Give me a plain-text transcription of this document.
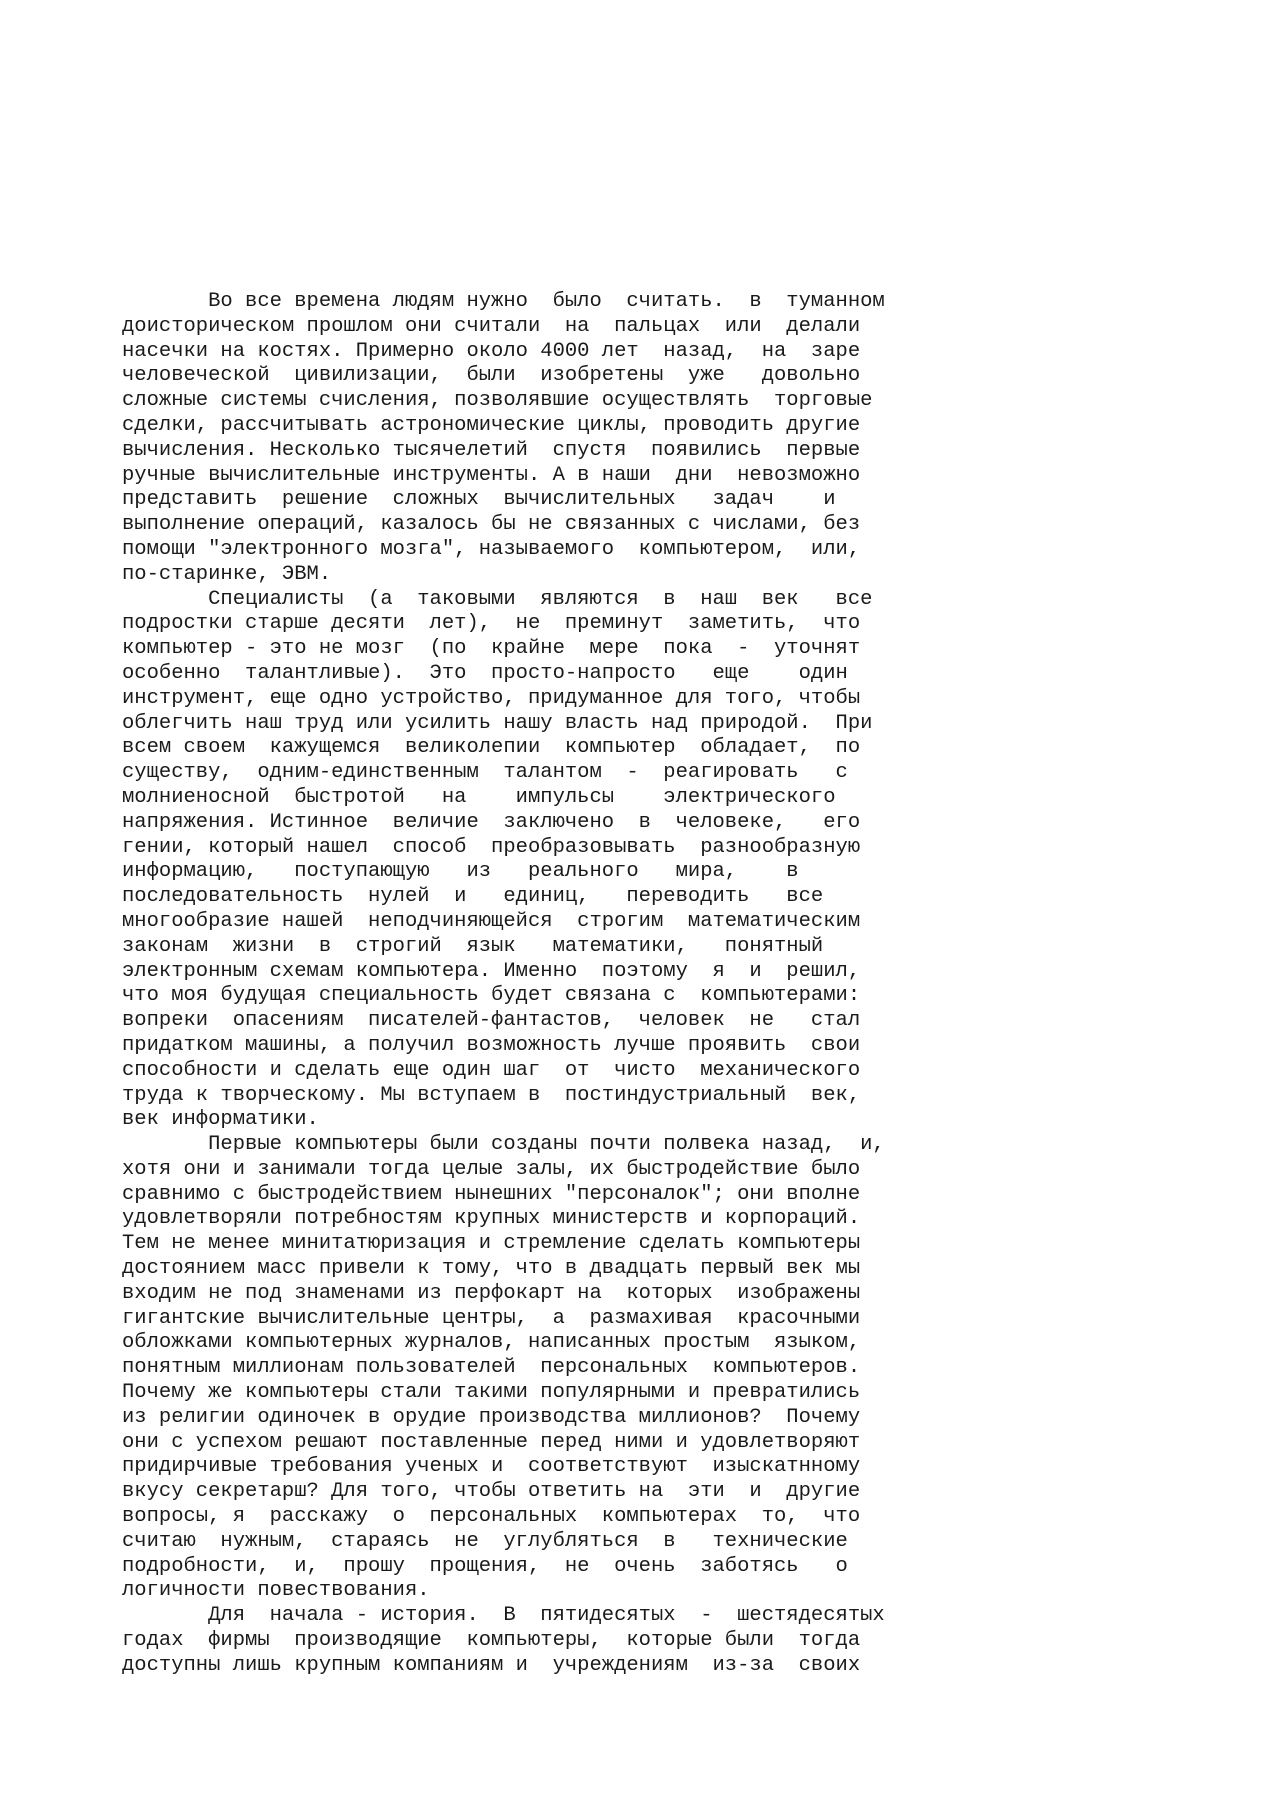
Во все времена людям нужно  было  считать.  в  туманном
доисторическом прошлом они считали  на  пальцах  или  делали
насечки на костях. Примерно около 4000 лет  назад,  на  заре
человеческой  цивилизации,  были  изобретены  уже   довольно
сложные системы счисления, позволявшие осуществлять  торговые
сделки, рассчитывать астрономические циклы, проводить другие
вычисления. Несколько тысячелетий  спустя  появились  первые
ручные вычислительные инструменты. А в наши  дни  невозможно
представить  решение  сложных  вычислительных   задач    и
выполнение операций, казалось бы не связанных с числами, без
помощи "электронного мозга", называемого  компьютером,  или,
по-старинке, ЭВМ.
Специалисты  (а  таковыми  являются  в  наш  век   все
подростки старше десяти  лет),  не  преминут  заметить,  что
компьютер - это не мозг  (по  крайне  мере  пока  -  уточнят
особенно  талантливые).  Это  просто-напросто   еще    один
инструмент, еще одно устройство, придуманное для того, чтобы
облегчить наш труд или усилить нашу власть над прирoдой.  При
всем своем  кажущемся  великолепии  компьютер  обладает,  по
существу,  одним-единственным  талантом  -  реагировать   с
молниеносной  быстротой   на    импульсы    электрического
напряжения. Истинное  величие  заключено  в  человеке,   его
гении, который нашел  способ  преобразовывать  разнообразную
информацию,   поступающую   из   реального   мира,    в
последовательность  нулей  и   единиц,   переводить   все
многообразие нашей  неподчиняющейся  строгим  математическим
законам  жизни  в  строгий  язык   математики,   понятный
электронным схемам компьютера. Именно  поэтому  я  и  решил,
что моя будущая специальность будет связана с  компьютерами:
вопреки  опасениям  писателей-фантастов,  человек  не   стал
придатком машины, а получил возможность лучше проявить  свои
способности и сделать еще один шаг  от  чисто  механического
труда к творческому. Мы вступаем в  постиндустриальный  век,
век информатики.
Первые компьютеры были созданы почти полвека назад,  и,
хотя они и занимали тогда целые залы, их быстродействие было
сравнимо с быстродействием нынешних "персоналок"; они вполне
удовлетворяли потребностям крупных министерств и корпораций.
Тем не менее минитатюризация и стремление сделать компьютеры
достоянием масс привели к тому, что в двадцать первый век мы
входим не под знаменами из перфокарт на  которых  изображены
гигантские вычислительные центры,  а  размахивая  красочными
обложками компьютерных журналов, написанных простым  языком,
понятным миллионам пользователей  персональных  компьютеров.
Почему же компьютеры стали такими популярными и превратились
из религии одиночек в орудие производства миллионов?  Почему
они с успехом решают поставленные перед ними и удовлетворяют
придирчивые требования ученых и  соответствуют  изыскатнному
вкусу секретарш? Для того, чтобы ответить на  эти  и  другие
вопросы, я  расскажу  о  персональных  компьютерах  то,  что
считаю  нужным,  стараясь  не  углубляться  в   технические
подробности,  и,  прошу  прощения,  не  очень  заботясь   о
логичности повествования.
Для  начала - история.  В  пятидесятых  -  шестядесятых
годах  фирмы  производящие  компьютеры,  которые были  тогда
доступны лишь крупным компаниям и  учреждениям  из-за  своих
